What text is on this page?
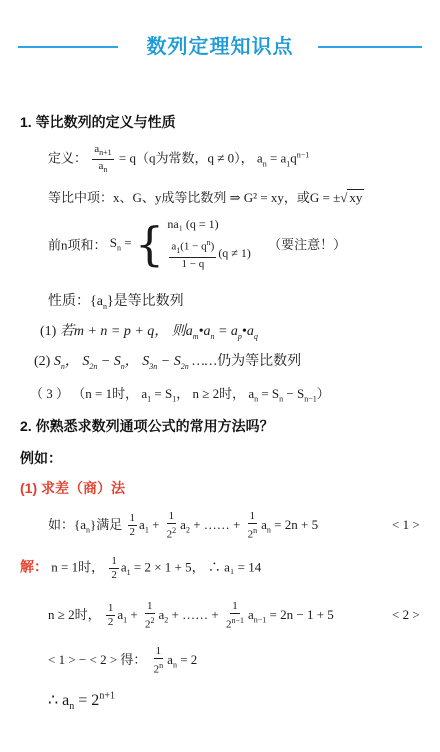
数列定理知识点
1. 等比数列的定义与性质
定义： $\frac{a_{n+1}}{a_n} = q(q$为常数，q ≠ 0）， $a_n = a_1q^{n-1}$
等比中项：x、G、y成等比数列 ⇒ G² = xy，或G = ±√ xy
前n项和： $S_n$ = { na₁ (q = 1)
$a_1(1 - q^n)$
1 − q
(q ≠ 1)
（要注意！）
性质：$\{a_n\}$是等比数列
(1) 若m + n = p + q， 则$a_m•a_n$ = $a_p•a_q$
(2) $S_n$， $S_{2n} - S_n$， $S_{3n} - S_{2n}$ ……仍为等比数列
（ 3 ） （n = 1时， $a_1 = S_1$， n ≥ 2时， $a_n = S_n - S_{n-1}$）
2. 你熟悉求数列通项公式的常用方法吗？
例如：
(1) 求差（商）法
如：$\{a_n\}$满足 $\frac{1}{2} a_1 + \frac{1}{2^2} a_2$ + …… + $\frac{1}{2^n} a_n = 2n + 5$	< 1 >
解： n = 1时， $\frac{1}{2} a_1 = 2 \times 1 + 5$， ∴ a₁ = 14
n ≥ 2时， $\frac{1}{2} a_1 + \frac{1}{2^2} a_2$ + …… + $\frac{1}{2^{n-1}} a_{n-1} = 2n - 1 + 5$	< 2 >
< 1 > − < 2 > 得： $\frac{1}{2^n} a_n = 2$
∴ $a_n = 2^{n+1}$
